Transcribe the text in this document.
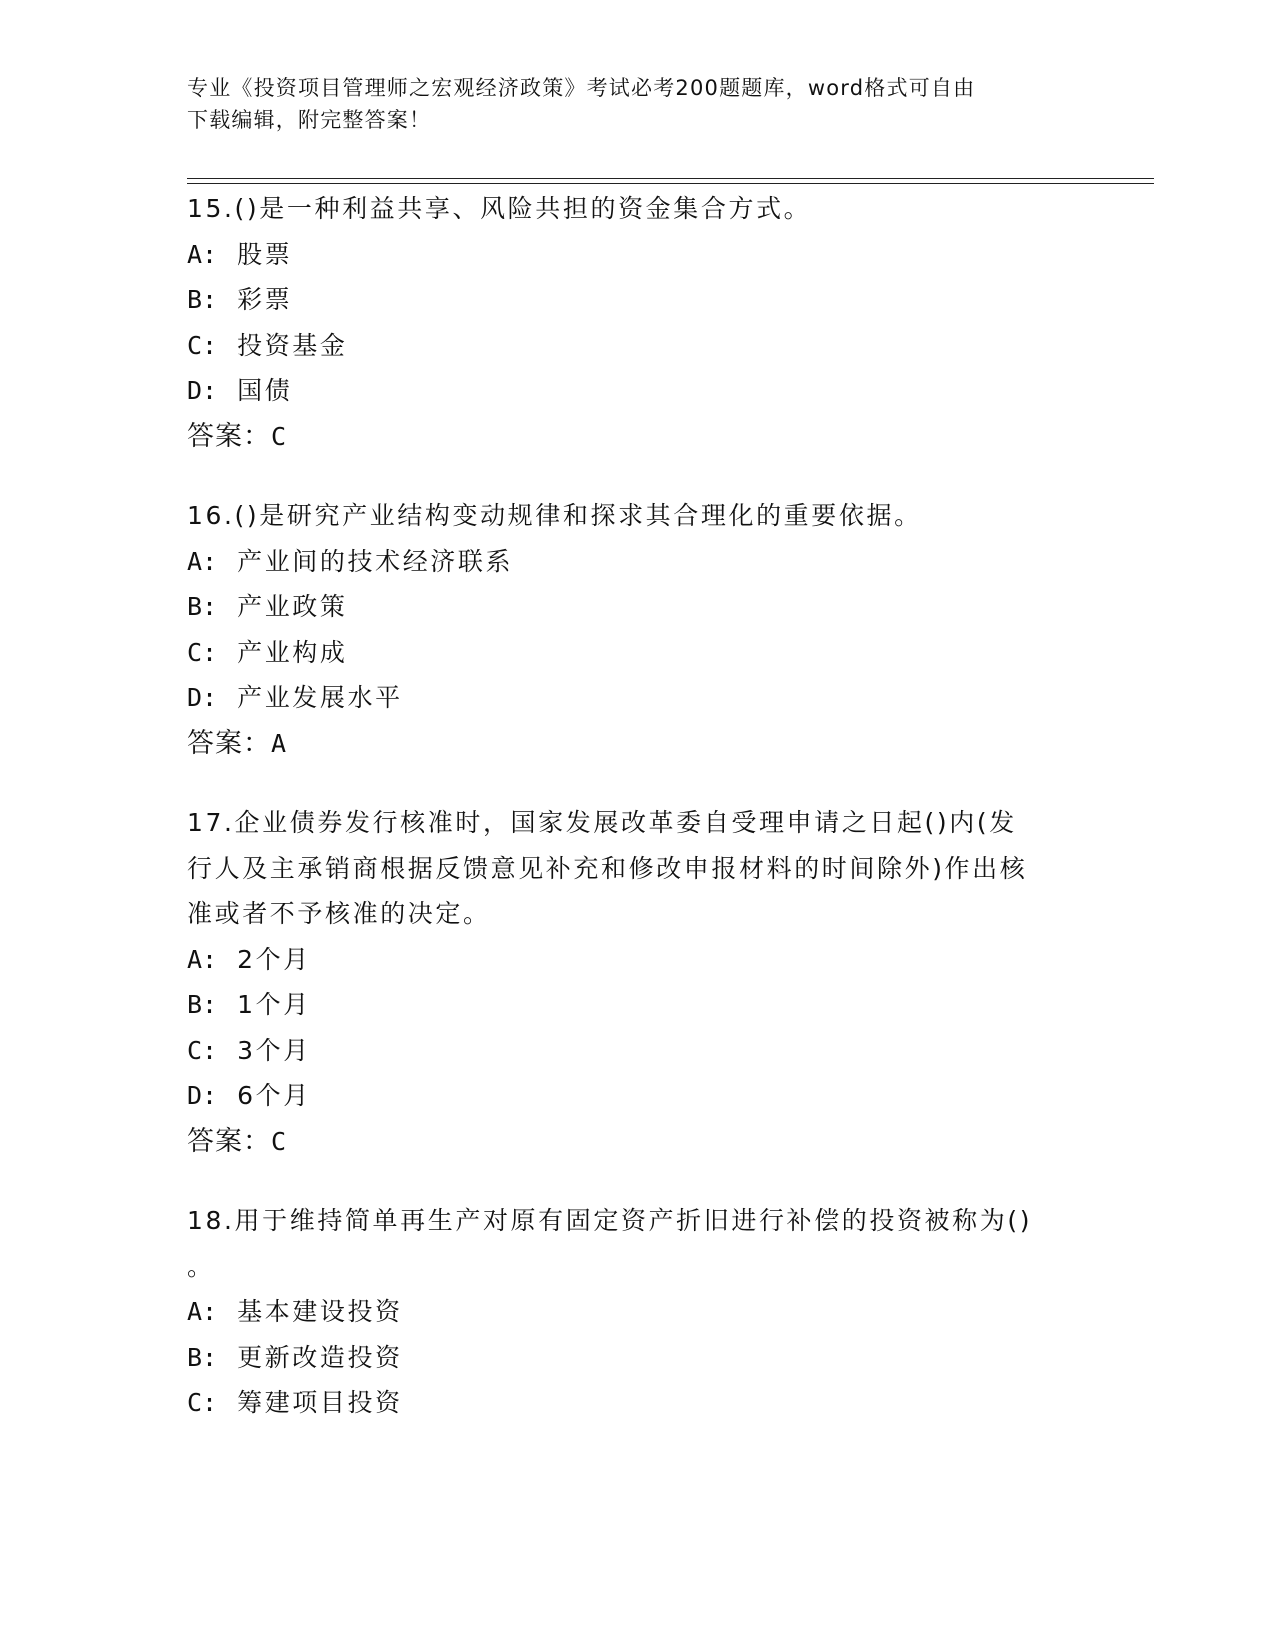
专业《投资项目管理师之宏观经济政策》考试必考200题题库，word格式可自由
下载编辑，附完整答案！
15.()是一种利益共享、风险共担的资金集合方式。
A: 股票
B: 彩票
C: 投资基金
D: 国债
答案：C
16.()是研究产业结构变动规律和探求其合理化的重要依据。
A: 产业间的技术经济联系
B: 产业政策
C: 产业构成
D: 产业发展水平
答案：A
17.企业债券发行核准时，国家发展改革委自受理申请之日起()内(发
行人及主承销商根据反馈意见补充和修改申报材料的时间除外)作出核
准或者不予核准的决定。
A: 2个月
B: 1个月
C: 3个月
D: 6个月
答案：C
18.用于维持简单再生产对原有固定资产折旧进行补偿的投资被称为()
。
A: 基本建设投资
B: 更新改造投资
C: 筹建项目投资
